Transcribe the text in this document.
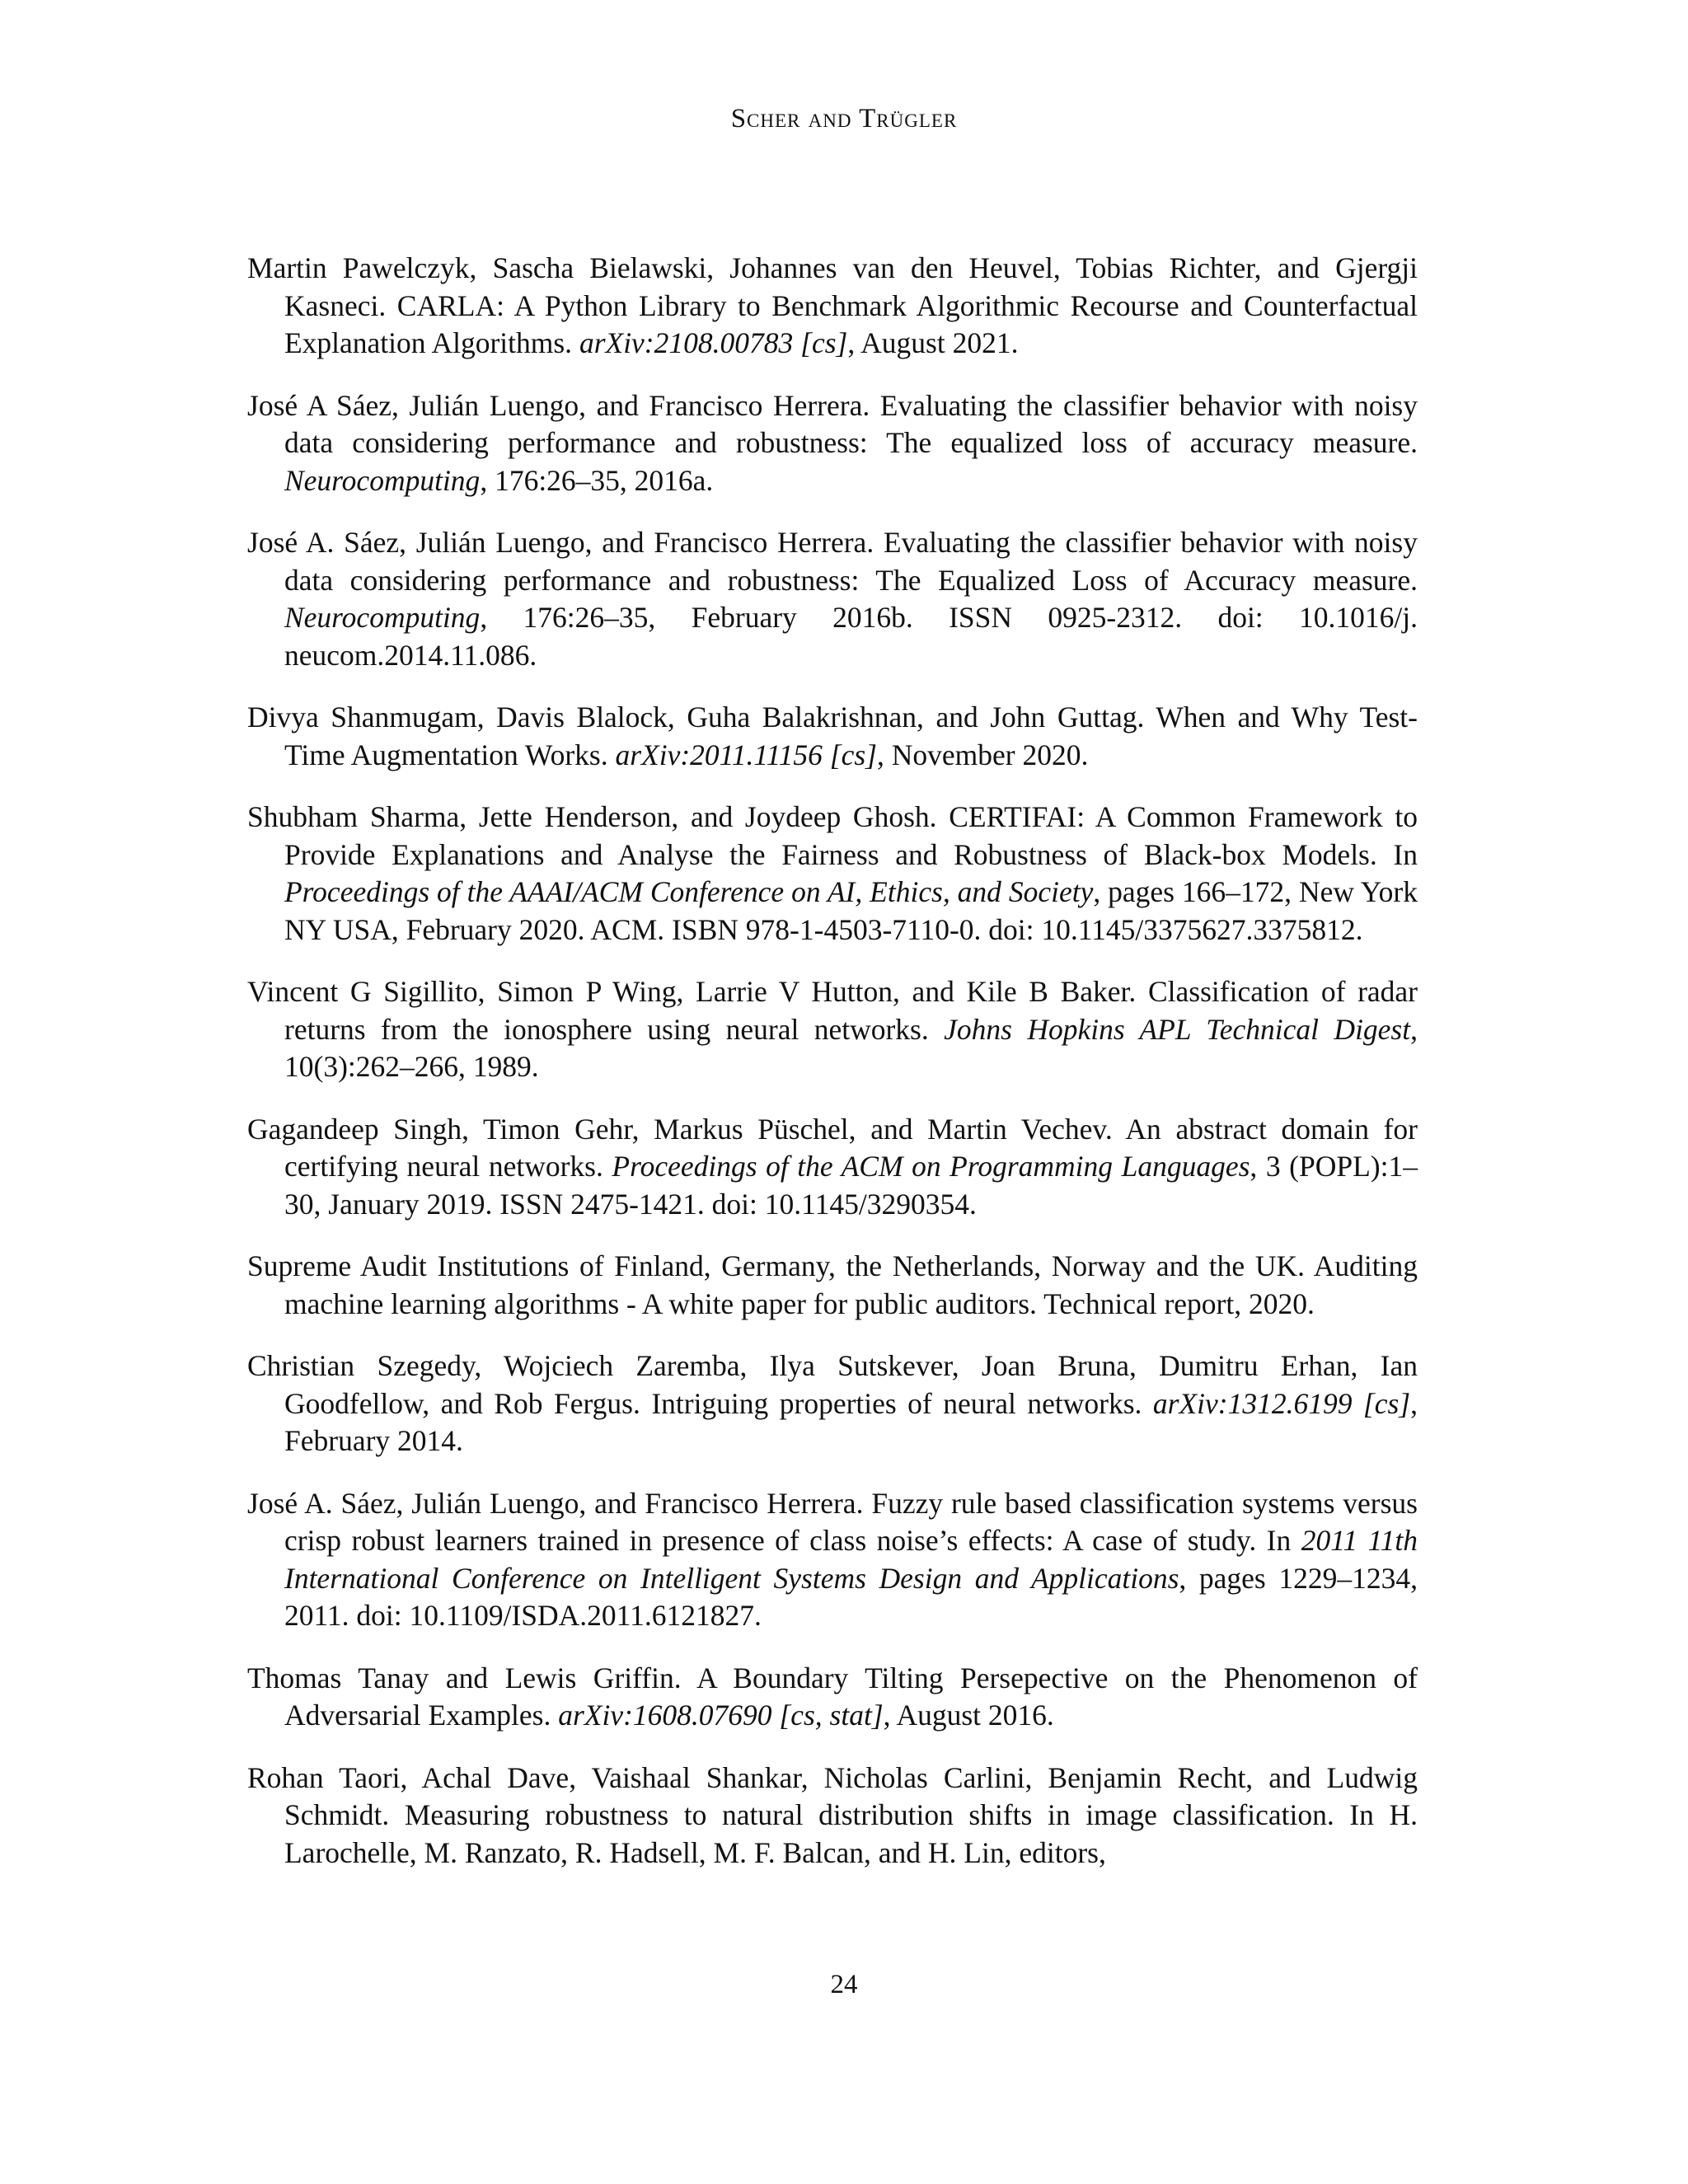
Scher and Trügler

Martin Pawelczyk, Sascha Bielawski, Johannes van den Heuvel, Tobias Richter, and Gjergji Kasneci. CARLA: A Python Library to Benchmark Algorithmic Recourse and Counterfactual Explanation Algorithms. arXiv:2108.00783 [cs], August 2021.

José A Sáez, Julián Luengo, and Francisco Herrera. Evaluating the classifier behavior with noisy data considering performance and robustness: The equalized loss of accuracy measure. Neurocomputing, 176:26–35, 2016a.

José A. Sáez, Julián Luengo, and Francisco Herrera. Evaluating the classifier behavior with noisy data considering performance and robustness: The Equalized Loss of Accuracy measure. Neurocomputing, 176:26–35, February 2016b. ISSN 0925-2312. doi: 10.1016/j. neucom.2014.11.086.

Divya Shanmugam, Davis Blalock, Guha Balakrishnan, and John Guttag. When and Why Test-Time Augmentation Works. arXiv:2011.11156 [cs], November 2020.

Shubham Sharma, Jette Henderson, and Joydeep Ghosh. CERTIFAI: A Common Framework to Provide Explanations and Analyse the Fairness and Robustness of Black-box Models. In Proceedings of the AAAI/ACM Conference on AI, Ethics, and Society, pages 166–172, New York NY USA, February 2020. ACM. ISBN 978-1-4503-7110-0. doi: 10.1145/3375627.3375812.

Vincent G Sigillito, Simon P Wing, Larrie V Hutton, and Kile B Baker. Classification of radar returns from the ionosphere using neural networks. Johns Hopkins APL Technical Digest, 10(3):262–266, 1989.

Gagandeep Singh, Timon Gehr, Markus Püschel, and Martin Vechev. An abstract domain for certifying neural networks. Proceedings of the ACM on Programming Languages, 3 (POPL):1–30, January 2019. ISSN 2475-1421. doi: 10.1145/3290354.

Supreme Audit Institutions of Finland, Germany, the Netherlands, Norway and the UK. Auditing machine learning algorithms - A white paper for public auditors. Technical report, 2020.

Christian Szegedy, Wojciech Zaremba, Ilya Sutskever, Joan Bruna, Dumitru Erhan, Ian Goodfellow, and Rob Fergus. Intriguing properties of neural networks. arXiv:1312.6199 [cs], February 2014.

José A. Sáez, Julián Luengo, and Francisco Herrera. Fuzzy rule based classification systems versus crisp robust learners trained in presence of class noise’s effects: A case of study. In 2011 11th International Conference on Intelligent Systems Design and Applications, pages 1229–1234, 2011. doi: 10.1109/ISDA.2011.6121827.

Thomas Tanay and Lewis Griffin. A Boundary Tilting Persepective on the Phenomenon of Adversarial Examples. arXiv:1608.07690 [cs, stat], August 2016.

Rohan Taori, Achal Dave, Vaishaal Shankar, Nicholas Carlini, Benjamin Recht, and Ludwig Schmidt. Measuring robustness to natural distribution shifts in image classification. In H. Larochelle, M. Ranzato, R. Hadsell, M. F. Balcan, and H. Lin, editors,

24
